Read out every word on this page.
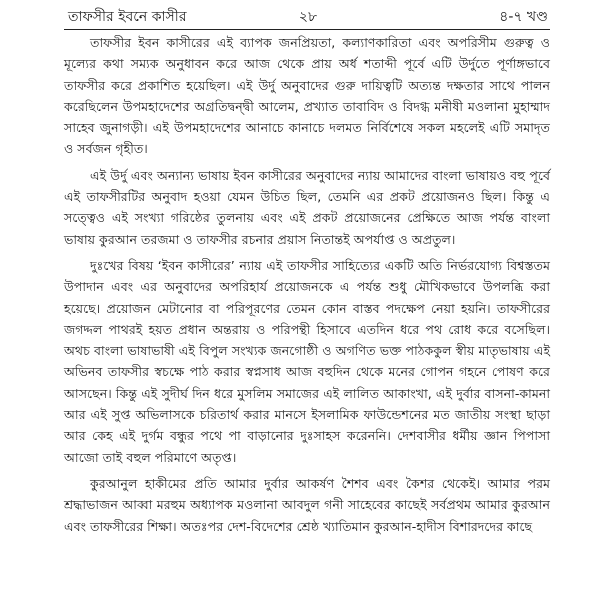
তাফসীর ইবনে কাসীর	২৮	৪-৭ খণ্ড

তাফসীর ইবন কাসীরের এই ব্যাপক জনপ্রিয়তা, কল্যাণকারিতা এবং অপরিসীম গুরুত্ব ও মূল্যের কথা সম্যক অনুধাবন করে আজ থেকে প্রায় অর্ধ শতাব্দী পূর্বে এটি উর্দুতে পূর্ণাঙ্গভাবে তাফসীর করে প্রকাশিত হয়েছিল। এই উর্দু অনুবাদের গুরু দায়িত্বটি অত্যন্ত দক্ষতার সাথে পালন করেছিলেন উপমহাদেশের অগ্রতিদ্বন্দ্বী আলেম, প্রখ্যাত তাবাবিদ ও বিদগ্ধ মনীষী মওলানা মুহাম্মাদ সাহেব জুনাগড়ী। এই উপমহাদেশের আনাচে কানাচে দলমত নির্বিশেষে সকল মহলেই এটি সমাদৃত ও সর্বজন গৃহীত।

এই উর্দু এবং অন্যান্য ভাষায় ইবন কাসীরের অনুবাদের ন্যায় আমাদের বাংলা ভাষায়ও বহু পূর্বে এই তাফসীরটির অনুবাদ হওয়া যেমন উচিত ছিল, তেমনি এর প্রকট প্রয়োজনও ছিল। কিন্তু এ সত্ত্বেও এই সংখ্যা গরিষ্ঠের তুলনায় এবং এই প্রকট প্রয়োজনের প্রেক্ষিতে আজ পর্যন্ত বাংলা ভাষায় কুরআন তরজমা ও তাফসীর রচনার প্রয়াস নিতান্তই অপর্যাপ্ত ও অপ্রতুল।

দুঃখের বিষয় ‘ইবন কাসীরের’ ন্যায় এই তাফসীর সাহিত্যের একটি অতি নির্ভরযোগ্য বিশ্বস্ততম উপাদান এবং এর অনুবাদের অপরিহার্য প্রয়োজনকে এ পর্যন্ত শুধু মৌখিকভাবে উপলব্ধি করা হয়েছে। প্রয়োজন মেটানোর বা পরিপূরণের তেমন কোন বাস্তব পদক্ষেপ নেয়া হয়নি। তাফসীরের জগদ্দল পাথরই হয়ত প্রধান অন্তরায় ও পরিপন্থী হিসাবে এতদিন ধরে পথ রোধ করে বসেছিল। অথচ বাংলা ভাষাভাষী এই বিপুল সংখ্যক জনগোষ্ঠী ও অগণিত ভক্ত পাঠককুল স্বীয় মাতৃভাষায় এই অভিনব তাফসীর স্বচক্ষে পাঠ করার স্বপ্নসাধ আজ বহুদিন থেকে মনের গোপন গহনে পোষণ করে আসছেন। কিন্তু এই সুদীর্ঘ দিন ধরে মুসলিম সমাজের এই লালিত আকাংখা, এই দুর্বার বাসনা-কামনা আর এই সুপ্ত অভিলাসকে চরিতার্থ করার মানসে ইসলামিক ফাউন্ডেশনের মত জাতীয় সংস্থা ছাড়া আর কেহ এই দুর্গম বন্ধুর পথে পা বাড়ানোর দুঃসাহস করেননি। দেশবাসীর ধর্মীয় জ্ঞান পিপাসা আজো তাই বহুল পরিমাণে অতৃপ্ত।

কুরআনুল হাকীমের প্রতি আমার দুর্বার আকর্ষণ শৈশব এবং কৈশর থেকেই। আমার পরম শ্রদ্ধাভাজন আব্বা মরহুম অধ্যাপক মওলানা আবদুল গনী সাহেবের কাছেই সর্বপ্রথম আমার কুরআন এবং তাফসীরের শিক্ষা। অতঃপর দেশ-বিদেশের শ্রেষ্ঠ খ্যাতিমান কুরআন-হাদীস বিশারদদের কাছে
